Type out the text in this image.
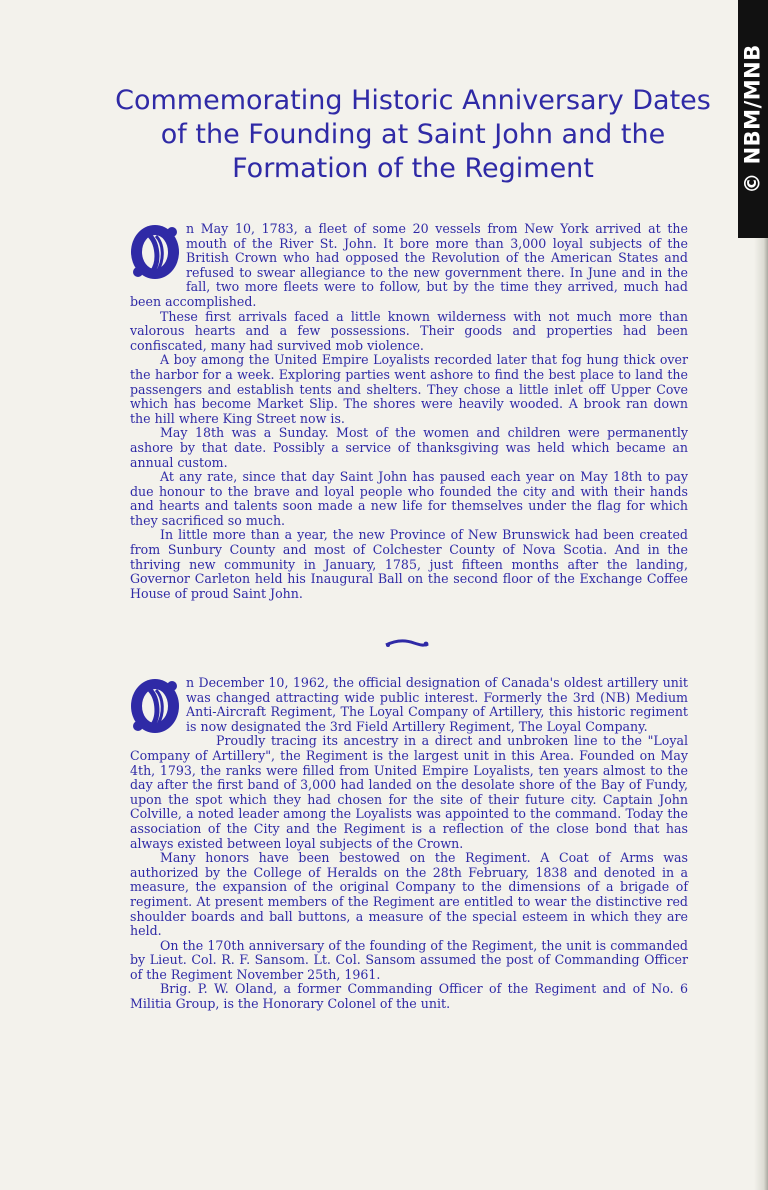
© NBM/MNB
Commemorating Historic Anniversary Dates of the Founding at Saint John and the Formation of the Regiment

n May 10, 1783, a fleet of some 20 vessels from New York arrived at the mouth of the River St. John. It bore more than 3,000 loyal subjects of the British Crown who had opposed the Revolution of the American States and refused to swear allegiance to the new government there. In June and in the fall, two more fleets were to follow, but by the time they arrived, much had been accomplished.

These first arrivals faced a little known wilderness with not much more than valorous hearts and a few possessions. Their goods and properties had been confiscated, many had survived mob violence.

A boy among the United Empire Loyalists recorded later that fog hung thick over the harbor for a week. Exploring parties went ashore to find the best place to land the passengers and establish tents and shelters. They chose a little inlet off Upper Cove which has become Market Slip. The shores were heavily wooded. A brook ran down the hill where King Street now is.

May 18th was a Sunday. Most of the women and children were permanently ashore by that date. Possibly a service of thanksgiving was held which became an annual custom.

At any rate, since that day Saint John has paused each year on May 18th to pay due honour to the brave and loyal people who founded the city and with their hands and hearts and talents soon made a new life for themselves under the flag for which they sacrificed so much.

In little more than a year, the new Province of New Brunswick had been created from Sunbury County and most of Colchester County of Nova Scotia. And in the thriving new community in January, 1785, just fifteen months after the landing, Governor Carleton held his Inaugural Ball on the second floor of the Exchange Coffee House of proud Saint John.

n December 10, 1962, the official designation of Canada's oldest artillery unit was changed attracting wide public interest. Formerly the 3rd (NB) Medium Anti-Aircraft Regiment, The Loyal Company of Artillery, this historic regiment is now designated the 3rd Field Artillery Regiment, The Loyal Company.

Proudly tracing its ancestry in a direct and unbroken line to the "Loyal Company of Artillery", the Regiment is the largest unit in this Area. Founded on May 4th, 1793, the ranks were filled from United Empire Loyalists, ten years almost to the day after the first band of 3,000 had landed on the desolate shore of the Bay of Fundy, upon the spot which they had chosen for the site of their future city. Captain John Colville, a noted leader among the Loyalists was appointed to the command. Today the association of the City and the Regiment is a reflection of the close bond that has always existed between loyal subjects of the Crown.

Many honors have been bestowed on the Regiment. A Coat of Arms was authorized by the College of Heralds on the 28th February, 1838 and denoted in a measure, the expansion of the original Company to the dimensions of a brigade of regiment. At present members of the Regiment are entitled to wear the distinctive red shoulder boards and ball buttons, a measure of the special esteem in which they are held.

On the 170th anniversary of the founding of the Regiment, the unit is commanded by Lieut. Col. R. F. Sansom. Lt. Col. Sansom assumed the post of Commanding Officer of the Regiment November 25th, 1961.

Brig. P. W. Oland, a former Commanding Officer of the Regiment and of No. 6 Militia Group, is the Honorary Colonel of the unit.
